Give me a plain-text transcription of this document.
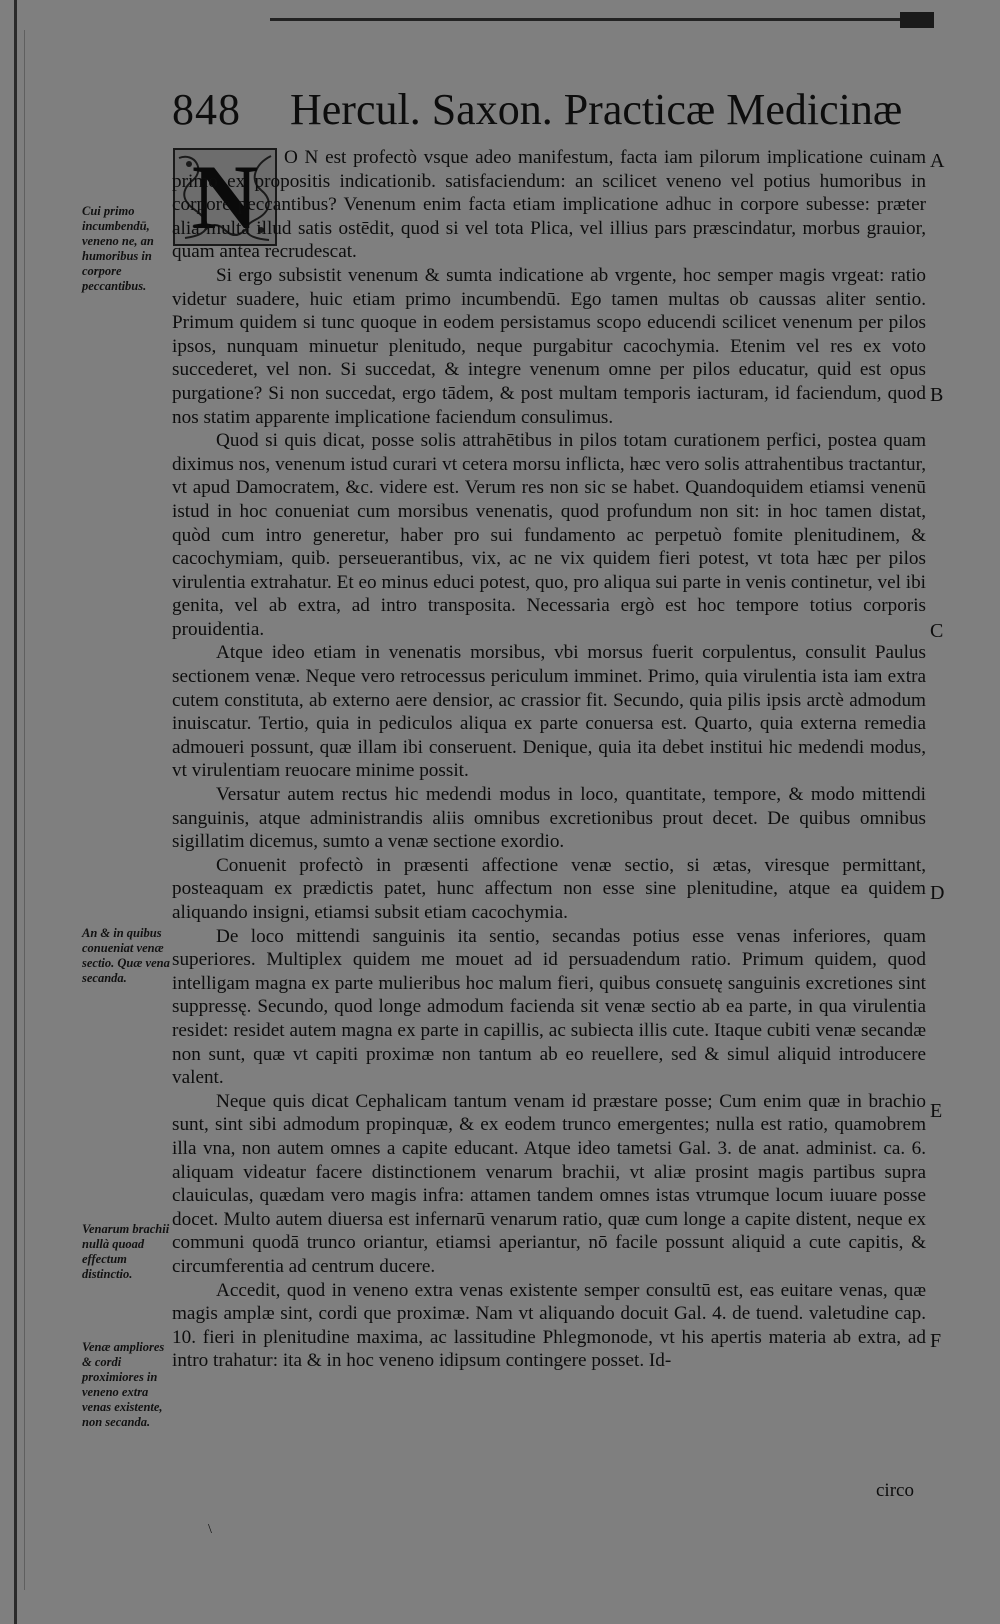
848 Hercul. Saxon. Practicæ Medicinæ
N	O N est profectò vsque adeo manifestum, facta iam pilorum implicatione cuinam primo ex propositis indicationib. satisfaciendum: an scilicet veneno vel potius humoribus in corpore peccantibus? Venenum enim facta etiam implicatione adhuc in corpore subesse: præter alia multa illud satis ostēdit, quod si vel tota Plica, vel illius pars præscindatur, morbus grauior, quam antea recrudescat.

Si ergo subsistit venenum & sumta indicatione ab vrgente, hoc semper magis vrgeat: ratio videtur suadere, huic etiam primo incumbendū. Ego tamen multas ob caussas aliter sentio. Primum quidem si tunc quoque in eodem persistamus scopo educendi scilicet venenum per pilos ipsos, nunquam minuetur plenitudo, neque purgabitur cacochymia. Etenim vel res ex voto succederet, vel non. Si succedat, & integre venenum omne per pilos educatur, quid est opus purgatione? Si non succedat, ergo tādem, & post multam temporis iacturam, id faciendum, quod nos statim apparente implicatione faciendum consulimus.

Quod si quis dicat, posse solis attrahētibus in pilos totam curationem perfici, postea quam diximus nos, venenum istud curari vt cetera morsu inflicta, hæc vero solis attrahentibus tractantur, vt apud Damocratem, &c. videre est. Verum res non sic se habet. Quandoquidem etiamsi venenū istud in hoc conueniat cum morsibus venenatis, quod profundum non sit: in hoc tamen distat, quòd cum intro generetur, haber pro sui fundamento ac perpetuò fomite plenitudinem, & cacochymiam, quib. perseuerantibus, vix, ac ne vix quidem fieri potest, vt tota hæc per pilos virulentia extrahatur. Et eo minus educi potest, quo, pro aliqua sui parte in venis continetur, vel ibi genita, vel ab extra, ad intro transposita. Necessaria ergò est hoc tempore totius corporis prouidentia.

Atque ideo etiam in venenatis morsibus, vbi morsus fuerit corpulentus, consulit Paulus sectionem venæ. Neque vero retrocessus periculum imminet. Primo, quia virulentia ista iam extra cutem constituta, ab externo aere densior, ac crassior fit. Secundo, quia pilis ipsis arctè admodum inuiscatur. Tertio, quia in pediculos aliqua ex parte conuersa est. Quarto, quia externa remedia admoueri possunt, quæ illam ibi conseruent. Denique, quia ita debet institui hic medendi modus, vt virulentiam reuocare minime possit.

Versatur autem rectus hic medendi modus in loco, quantitate, tempore, & modo mittendi sanguinis, atque administrandis aliis omnibus excretionibus prout decet. De quibus omnibus sigillatim dicemus, sumto a venæ sectione exordio.

Conuenit profectò in præsenti affectione venæ sectio, si ætas, viresque permittant, posteaquam ex prædictis patet, hunc affectum non esse sine plenitudine, atque ea quidem aliquando insigni, etiamsi subsit etiam cacochymia.

De loco mittendi sanguinis ita sentio, secandas potius esse venas inferiores, quam superiores. Multiplex quidem me mouet ad id persuadendum ratio. Primum quidem, quod intelligam magna ex parte mulieribus hoc malum fieri, quibus consuetę sanguinis excretiones sint suppressę. Secundo, quod longe admodum facienda sit venæ sectio ab ea parte, in qua virulentia residet: residet autem magna ex parte in capillis, ac subiecta illis cute. Itaque cubiti venæ secandæ non sunt, quæ vt capiti proximæ non tantum ab eo reuellere, sed & simul aliquid introducere valent.

Neque quis dicat Cephalicam tantum venam id præstare posse; Cum enim quæ in brachio sunt, sint sibi admodum propinquæ, & ex eodem trunco emergentes; nulla est ratio, quamobrem illa vna, non autem omnes a capite educant. Atque ideo tametsi Gal. 3. de anat. administ. ca. 6. aliquam videatur facere distinctionem venarum brachii, vt aliæ prosint magis partibus supra clauiculas, quædam vero magis infra: attamen tandem omnes istas vtrumque locum iuuare posse docet. Multo autem diuersa est infernarū venarum ratio, quæ cum longe a capite distent, neque ex communi quodā trunco oriantur, etiamsi aperiantur, nō facile possunt aliquid a cute capitis, & circumferentia ad centrum ducere.

Accedit, quod in veneno extra venas existente semper consultū est, eas euitare venas, quæ magis amplæ sint, cordi que proximæ. Nam vt aliquando docuit Gal. 4. de tuend. valetudine cap. 10. fieri in plenitudine maxima, ac lassitudine Phlegmonode, vt his apertis materia ab extra, ad intro trahatur: ita & in hoc veneno idipsum contingere posset. Id-

Cui primo incumbendū, veneno ne, an humoribus in corpore peccantibus.
An & in quibus conueniat venæ sectio. Quæ vena secanda.
Venarum brachii nullà quoad effectum distinctio.
Venæ ampliores & cordi proximiores in veneno extra venas existente, non secanda.
A
B
C
D
E
F
circo
\
